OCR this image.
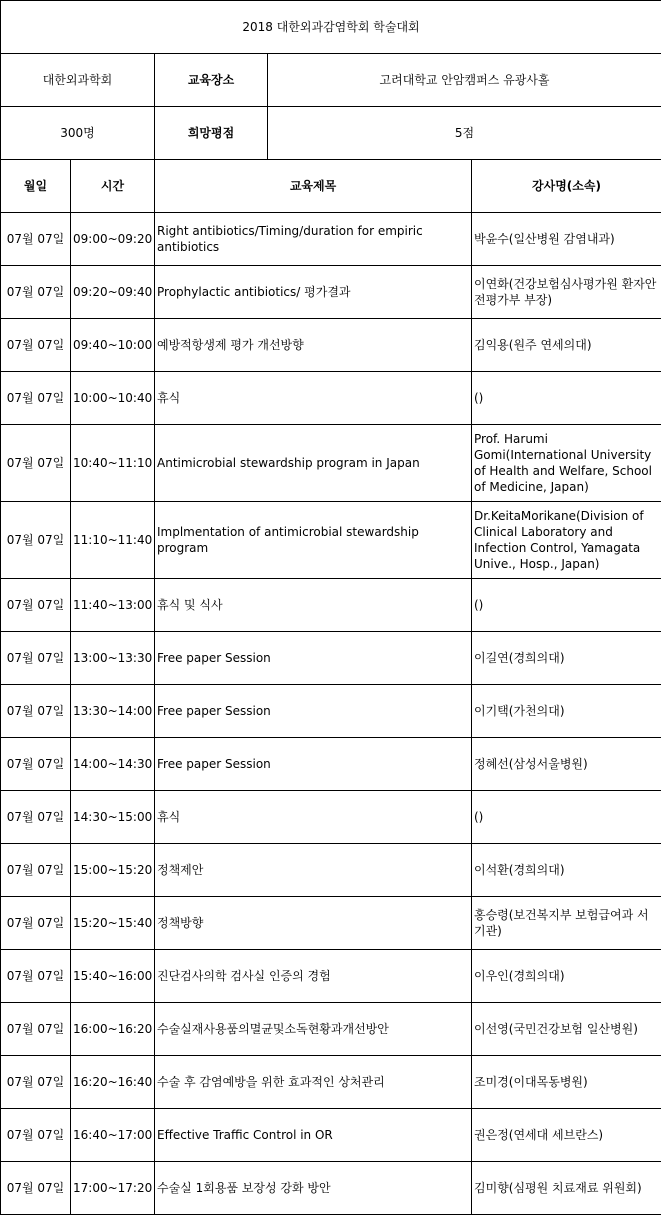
2018 대한외과감염학회 학술대회				
대한외과학회		교육장소	고려대학교 안암캠퍼스 유광사홀	
300명		희망평점	5점	
월일	시간	교육제목		강사명(소속)
07월 07일	09:00~09:20	Right antibiotics/Timing/duration for empiric antibiotics		박윤수(일산병원 감염내과)
07월 07일	09:20~09:40	Prophylactic antibiotics/ 평가결과		이연화(건강보험심사평가원 환자안전평가부 부장)
07월 07일	09:40~10:00	예방적항생제 평가 개선방향		김익용(원주 연세의대)
07월 07일	10:00~10:40	휴식		()
07월 07일	10:40~11:10	Antimicrobial stewardship program in Japan		Prof. Harumi Gomi(International University of Health and Welfare, School of Medicine, Japan)
07월 07일	11:10~11:40	Implmentation of antimicrobial stewardship program		Dr.KeitaMorikane(Division of Clinical Laboratory and Infection Control, Yamagata Unive., Hosp., Japan)
07월 07일	11:40~13:00	휴식 및 식사		()
07월 07일	13:00~13:30	Free paper Session		이길연(경희의대)
07월 07일	13:30~14:00	Free paper Session		이기택(가천의대)
07월 07일	14:00~14:30	Free paper Session		정혜선(삼성서울병원)
07월 07일	14:30~15:00	휴식		()
07월 07일	15:00~15:20	정책제안		이석환(경희의대)
07월 07일	15:20~15:40	정책방향		홍승령(보건복지부 보험급여과 서기관)
07월 07일	15:40~16:00	진단검사의학 검사실 인증의 경험		이우인(경희의대)
07월 07일	16:00~16:20	수술실재사용품의멸균및소독현황과개선방안		이선영(국민건강보험 일산병원)
07월 07일	16:20~16:40	수술 후 감염예방을 위한 효과적인 상처관리		조미경(이대목동병원)
07월 07일	16:40~17:00	Effective Traffic Control in OR		권은정(연세대 세브란스)
07월 07일	17:00~17:20	수술실 1회용품 보장성 강화 방안		김미향(심평원 치료재료 위원회)
